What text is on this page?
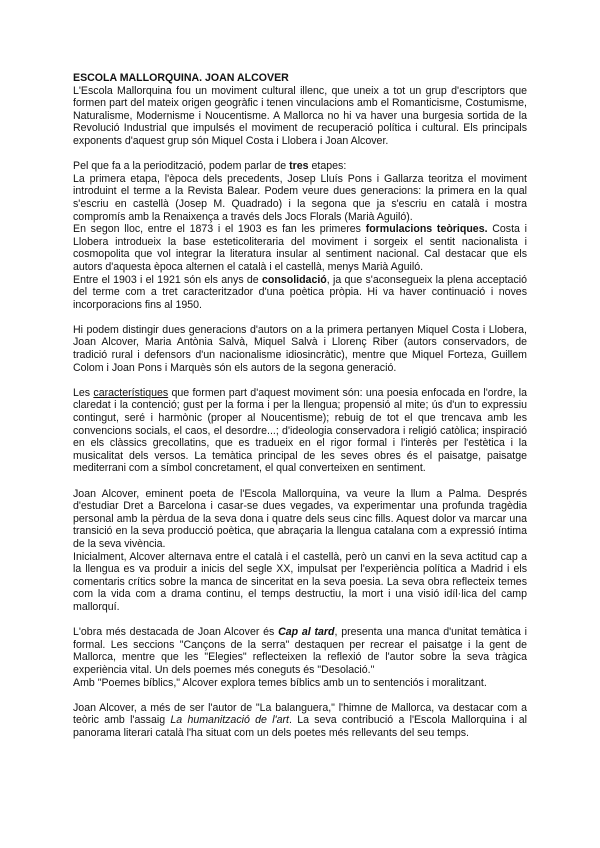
ESCOLA MALLORQUINA. JOAN ALCOVER

L'Escola Mallorquina fou un moviment cultural illenc, que uneix a tot un grup d'escriptors que formen part del mateix origen geogràfic i tenen vinculacions amb el Romanticisme, Costumisme, Naturalisme, Modernisme i Noucentisme. A Mallorca no hi va haver una burgesia sortida de la Revolució Industrial que impulsés el moviment de recuperació política i cultural. Els principals exponents d'aquest grup són Miquel Costa i Llobera i Joan Alcover.

Pel que fa a la periodització, podem parlar de tres etapes:

La primera etapa, l'època dels precedents, Josep Lluís Pons i Gallarza teoritza el moviment introduint el terme a la Revista Balear. Podem veure dues generacions: la primera en la qual s'escriu en castellà (Josep M. Quadrado) i la segona que ja s'escriu en català i mostra compromís amb la Renaixença a través dels Jocs Florals (Marià Aguiló).

En segon lloc, entre el 1873 i el 1903 es fan les primeres formulacions teòriques. Costa i Llobera introdueix la base esteticoliteraria del moviment i sorgeix el sentit nacionalista i cosmopolita que vol integrar la literatura insular al sentiment nacional. Cal destacar que els autors d'aquesta època alternen el català i el castellà, menys Marià Aguiló.

Entre el 1903 i el 1921 són els anys de consolidació, ja que s'aconsegueix la plena acceptació del terme com a tret caracteritzador d'una poètica pròpia. Hi va haver continuació i noves incorporacions fins al 1950.

Hi podem distingir dues generacions d'autors on a la primera pertanyen Miquel Costa i Llobera, Joan Alcover, Maria Antònia Salvà, Miquel Salvà i Llorenç Riber (autors conservadors, de tradició rural i defensors d'un nacionalisme idiosincràtic), mentre que Miquel Forteza, Guillem Colom i Joan Pons i Marquès són els autors de la segona generació.

Les característiques que formen part d'aquest moviment són: una poesia enfocada en l'ordre, la claredat i la contenció; gust per la forma i per la llengua; propensió al mite; ús d'un to expressiu contingut, seré i harmònic (proper al Noucentisme); rebuig de tot el que trencava amb les convencions socials, el caos, el desordre...; d'ideologia conservadora i religió catòlica; inspiració en els clàssics grecollatins, que es tradueix en el rigor formal i l'interès per l'estètica i la musicalitat dels versos. La temàtica principal de les seves obres és el paisatge, paisatge mediterrani com a símbol concretament, el qual converteixen en sentiment.

Joan Alcover, eminent poeta de l'Escola Mallorquina, va veure la llum a Palma. Després d'estudiar Dret a Barcelona i casar-se dues vegades, va experimentar una profunda tragèdia personal amb la pèrdua de la seva dona i quatre dels seus cinc fills. Aquest dolor va marcar una transició en la seva producció poètica, que abraçaria la llengua catalana com a expressió íntima de la seva vivència.

Inicialment, Alcover alternava entre el català i el castellà, però un canvi en la seva actitud cap a la llengua es va produir a inicis del segle XX, impulsat per l'experiència política a Madrid i els comentaris crítics sobre la manca de sinceritat en la seva poesia. La seva obra reflecteix temes com la vida com a drama continu, el temps destructiu, la mort i una visió idíl·lica del camp mallorquí.

L'obra més destacada de Joan Alcover és Cap al tard, presenta una manca d'unitat temàtica i formal. Les seccions "Cançons de la serra" destaquen per recrear el paisatge i la gent de Mallorca, mentre que les "Elegies" reflecteixen la reflexió de l'autor sobre la seva tràgica experiència vital. Un dels poemes més coneguts és "Desolació."

Amb "Poemes bíblics," Alcover explora temes bíblics amb un to sentenciós i moralitzant.

Joan Alcover, a més de ser l'autor de "La balanguera," l'himne de Mallorca, va destacar com a teòric amb l'assaig La humanització de l'art. La seva contribució a l'Escola Mallorquina i al panorama literari català l'ha situat com un dels poetes més rellevants del seu temps.
